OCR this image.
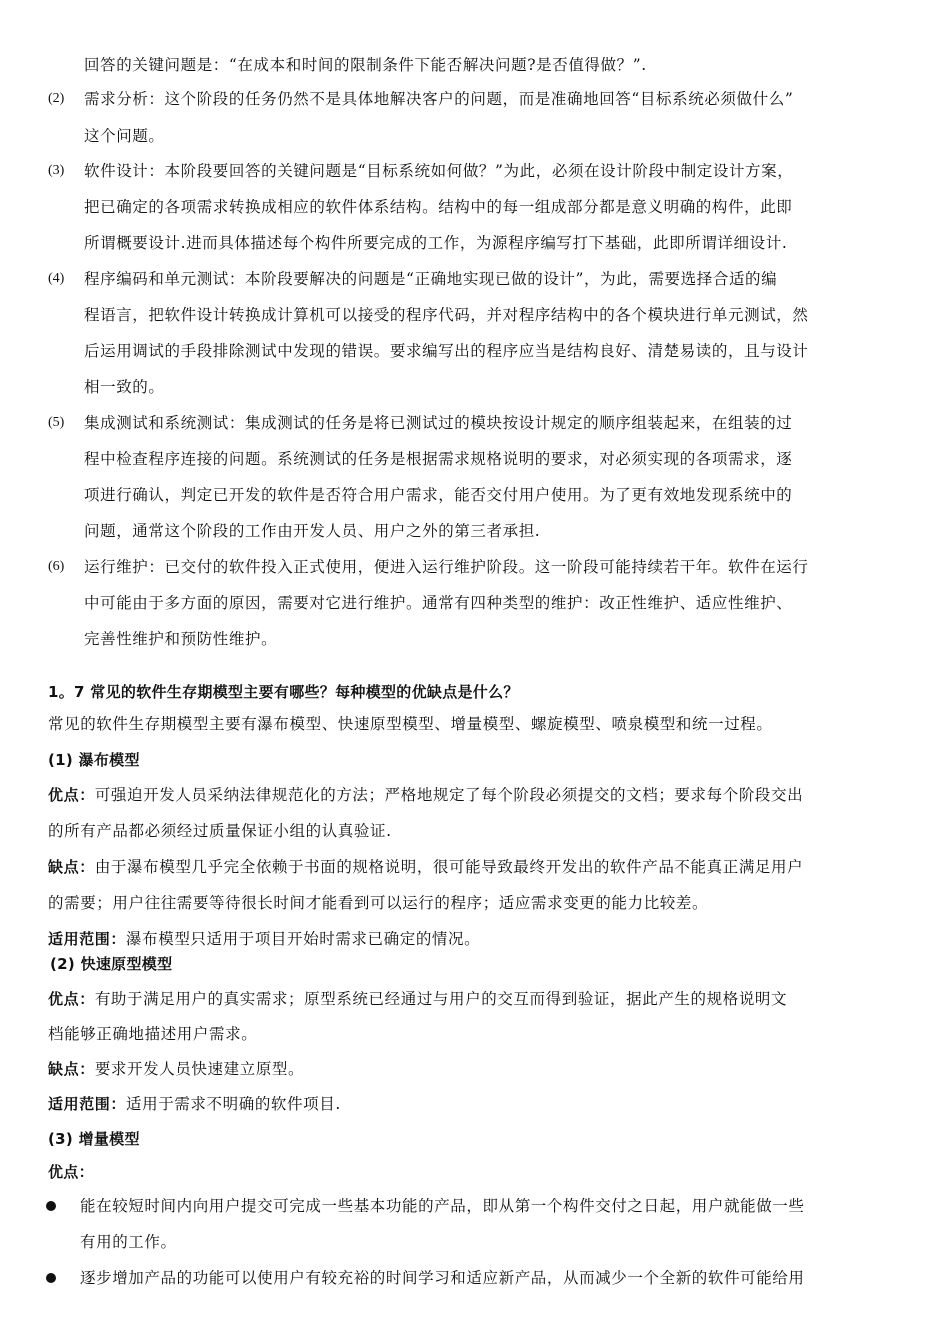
回答的关键问题是：“在成本和时间的限制条件下能否解决问题?是否值得做？”.
(2) 需求分析：这个阶段的任务仍然不是具体地解决客户的问题，而是准确地回答“目标系统必须做什么”
这个问题。
(3) 软件设计：本阶段要回答的关键问题是“目标系统如何做？”为此，必须在设计阶段中制定设计方案，
把已确定的各项需求转换成相应的软件体系结构。结构中的每一组成部分都是意义明确的构件，此即
所谓概要设计.进而具体描述每个构件所要完成的工作，为源程序编写打下基础，此即所谓详细设计.
(4) 程序编码和单元测试：本阶段要解决的问题是“正确地实现已做的设计”，为此，需要选择合适的编
程语言，把软件设计转换成计算机可以接受的程序代码，并对程序结构中的各个模块进行单元测试，然
后运用调试的手段排除测试中发现的错误。要求编写出的程序应当是结构良好、清楚易读的，且与设计
相一致的。
(5) 集成测试和系统测试：集成测试的任务是将已测试过的模块按设计规定的顺序组装起来，在组装的过
程中检查程序连接的问题。系统测试的任务是根据需求规格说明的要求，对必须实现的各项需求，逐
项进行确认，判定已开发的软件是否符合用户需求，能否交付用户使用。为了更有效地发现系统中的
问题，通常这个阶段的工作由开发人员、用户之外的第三者承担.
(6) 运行维护：已交付的软件投入正式使用，便进入运行维护阶段。这一阶段可能持续若干年。软件在运行
中可能由于多方面的原因，需要对它进行维护。通常有四种类型的维护：改正性维护、适应性维护、
完善性维护和预防性维护。
1。7 常见的软件生存期模型主要有哪些？每种模型的优缺点是什么？
常见的软件生存期模型主要有瀑布模型、快速原型模型、增量模型、螺旋模型、喷泉模型和统一过程。
(1) 瀑布模型
优点：可强迫开发人员采纳法律规范化的方法；严格地规定了每个阶段必须提交的文档；要求每个阶段交出
的所有产品都必须经过质量保证小组的认真验证.
缺点：由于瀑布模型几乎完全依赖于书面的规格说明，很可能导致最终开发出的软件产品不能真正满足用户
的需要；用户往往需要等待很长时间才能看到可以运行的程序；适应需求变更的能力比较差。
适用范围：瀑布模型只适用于项目开始时需求已确定的情况。
(2) 快速原型模型
优点：有助于满足用户的真实需求；原型系统已经通过与用户的交互而得到验证，据此产生的规格说明文
档能够正确地描述用户需求。
缺点：要求开发人员快速建立原型。
适用范围：适用于需求不明确的软件项目.
(3) 增量模型
优点：
能在较短时间内向用户提交可完成一些基本功能的产品，即从第一个构件交付之日起，用户就能做一些
有用的工作。
逐步增加产品的功能可以使用户有较充裕的时间学习和适应新产品，从而减少一个全新的软件可能给用
